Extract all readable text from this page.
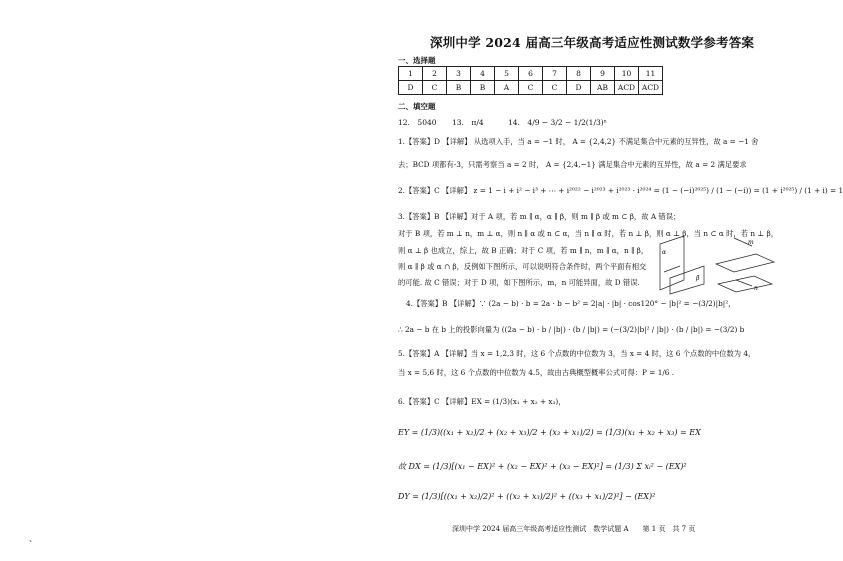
深圳中学 2024 届高三年级高考适应性测试数学参考答案
一、选择题
1	2	3	4	5	6	7	8	9	10	11
D	C	B	B	A	C	C	D	AB	ACD	ACD
二、填空题
12.　5040 13.　π/4	14.　4/9 − 3/2 − 1/2(1/3)ⁿ
1.【答案】D 【详解】 从选项入手，当 a = −1 时， A = {2,4,2} 不满足集合中元素的互异性，故 a = −1 舍
去；BCD 项都有-3，只需考察当 a = 2 时， A = {2,4,−1} 满足集合中元素的互异性，故 a = 2 满足要求
2.【答案】C 【详解】 z = 1 − i + i² − i³ + ⋯ + i²⁰²² − i²⁰²³ + i²⁰²³ · i²⁰²⁴ = (1 − (−i)²⁰²⁵) / (1 − (−i)) = (1 + i²⁰²⁵) / (1 + i) = 1
3.【答案】B 【详解】对于 A 项，若 m ∥ α，α ∥ β，则 m ∥ β 或 m ⊂ β，故 A 错误；
对于 B 项，若 m ⊥ n，m ⊥ α，则 n ∥ α 或 n ⊂ α，当 n ∥ α 时，若 n ⊥ β，则 α ⊥ β，当 n ⊂ α 时，若 n ⊥ β，
则 α ⊥ β 也成立，综上，故 B 正确；对于 C 项，若 m ∥ n，m ∥ α，n ∥ β，
则 α ∥ β 或 α ∩ β，反例如下图所示，可以说明符合条件时，两个平面有相交
的可能. 故 C 错误；对于 D 项，如下图所示，m，n 可能异面，故 D 错误.
4.【答案】B 【详解】∵ (2a − b) · b = 2a · b − b² = 2|a| · |b| · cos120° − |b|² = −(3/2)|b|²，
∴ 2a − b 在 b 上的投影向量为 ((2a − b) · b / |b|) · (b / |b|) = (−(3/2)|b|² / |b|) · (b / |b|) = −(3/2) b
5.【答案】A 【详解】当 x = 1,2,3 时，这 6 个点数的中位数为 3，当 x = 4 时，这 6 个点数的中位数为 4，
当 x = 5,6 时，这 6 个点数的中位数为 4.5，故由古典概型概率公式可得：P = 1/6 .
6.【答案】C 【详解】EX = (1/3)(x₁ + x₂ + x₃)，
EY = (1/3)((x₁ + x₂)/2 + (x₂ + x₃)/2 + (x₃ + x₁)/2) = (1/3)(x₁ + x₂ + x₃) = EX
故 DX = (1/3)[(x₁ − EX)² + (x₂ − EX)² + (x₃ − EX)²] = (1/3) Σ xᵢ² − (EX)²
DY = (1/3)[((x₁ + x₂)/2)² + ((x₂ + x₃)/2)² + ((x₃ + x₁)/2)²] − (EX)²
m
α
β
n
深圳中学 2024 届高三年级高考适应性测试　数学试题 A　　第 1 页　共 7 页
、
